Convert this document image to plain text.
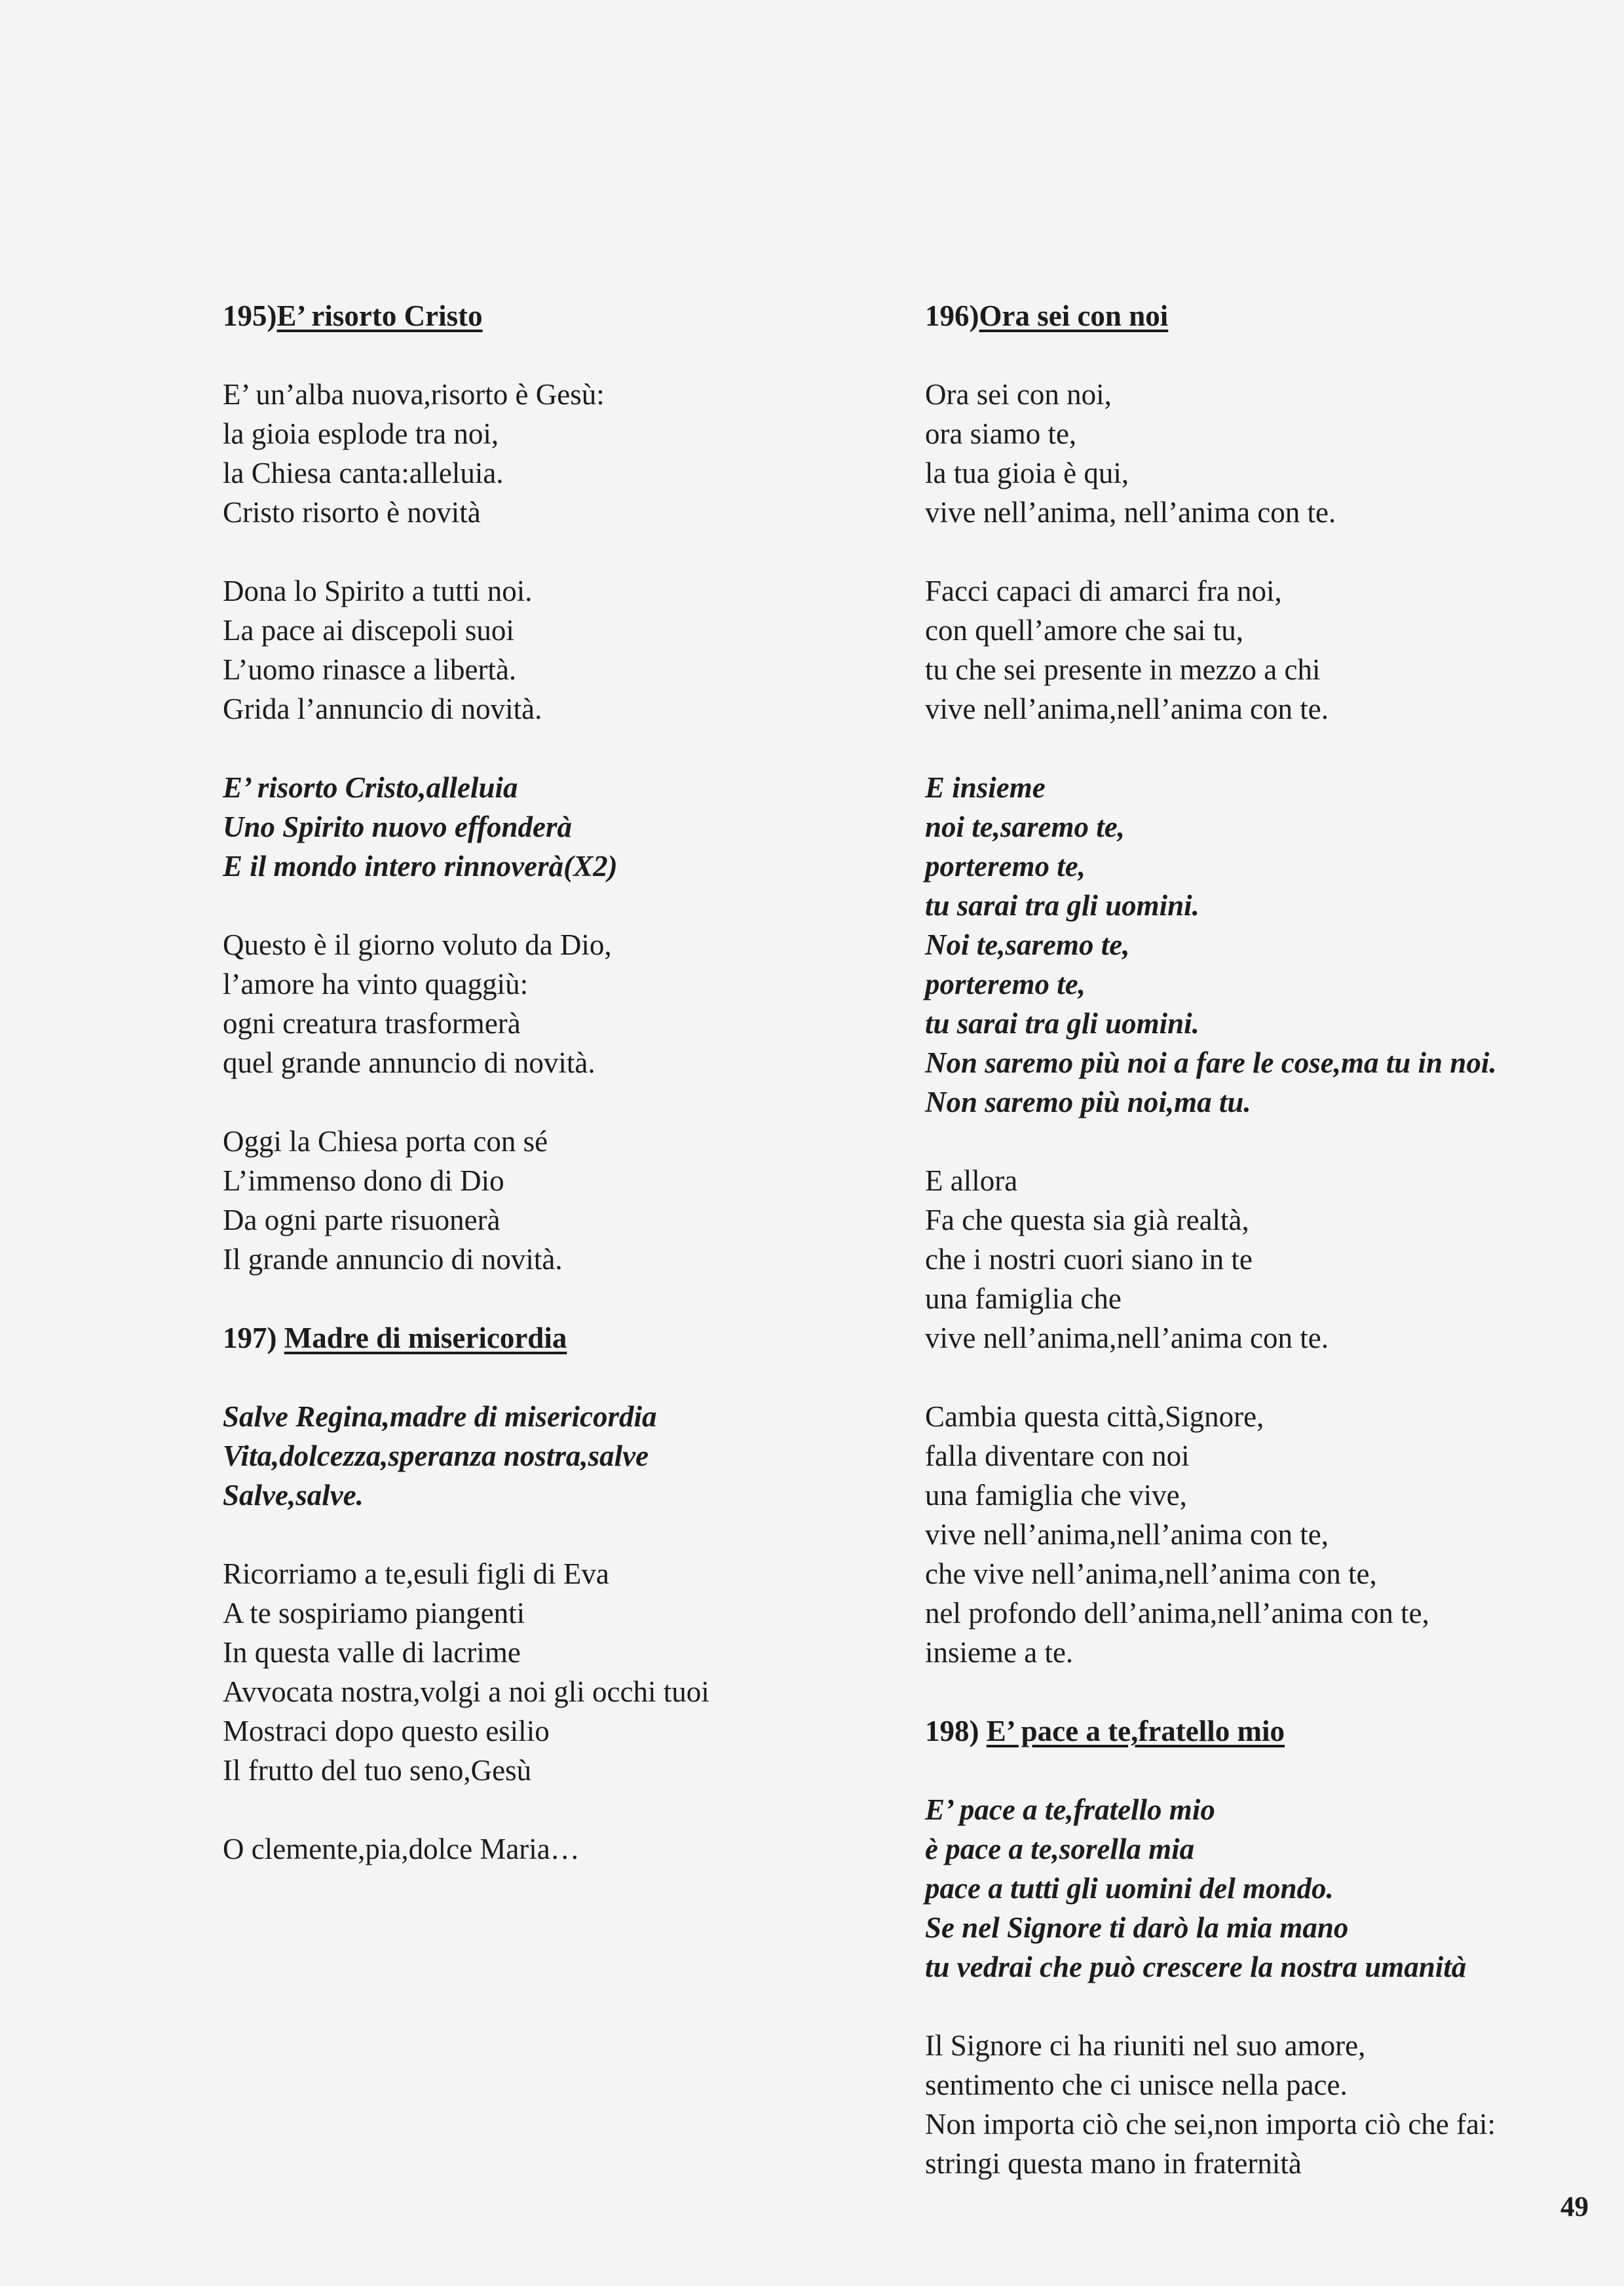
195)E’ risorto Cristo
E’ un’alba nuova,risorto è Gesù:
la gioia esplode tra noi,
la Chiesa canta:alleluia.
Cristo risorto è novità
Dona lo Spirito a tutti noi.
La pace ai discepoli suoi
L’uomo rinasce a libertà.
Grida l’annuncio di novità.
E’ risorto Cristo,alleluia
Uno Spirito nuovo effonderà
E il mondo intero rinnoverà(X2)
Questo è il giorno voluto da Dio,
l’amore ha vinto quaggiù:
ogni creatura trasformerà
quel grande annuncio di novità.
Oggi la Chiesa porta con sé
L’immenso dono di Dio
Da ogni parte risuonerà
Il grande annuncio di novità.
197) Madre di misericordia
Salve Regina,madre di misericordia
Vita,dolcezza,speranza nostra,salve
Salve,salve.
Ricorriamo a te,esuli figli di Eva
A te sospiriamo piangenti
In questa valle di lacrime
Avvocata nostra,volgi a noi gli occhi tuoi
Mostraci dopo questo esilio
Il frutto del tuo seno,Gesù
O clemente,pia,dolce Maria…
196)Ora sei con noi
Ora sei con noi,
ora siamo te,
la tua gioia è qui,
vive nell’anima, nell’anima con te.
Facci capaci di amarci fra noi,
con quell’amore che sai tu,
tu che sei presente in mezzo a chi
vive nell’anima,nell’anima con te.
E insieme
noi te,saremo te,
porteremo te,
tu sarai tra gli uomini.
Noi te,saremo te,
porteremo te,
tu sarai tra gli uomini.
Non saremo più noi a fare le cose,ma tu in noi.
Non saremo più noi,ma tu.
E allora
Fa che questa sia già realtà,
che i nostri cuori siano in te
una famiglia che
vive nell’anima,nell’anima con te.
Cambia questa città,Signore,
falla diventare con noi
una famiglia che vive,
vive nell’anima,nell’anima con te,
che vive nell’anima,nell’anima con te,
nel profondo dell’anima,nell’anima con te,
insieme a te.
198) E’ pace a te,fratello mio
E’ pace a te,fratello mio
è pace a te,sorella mia
pace a tutti gli uomini del mondo.
Se nel Signore ti darò la mia mano
tu vedrai che può crescere la nostra umanità
Il Signore ci ha riuniti nel suo amore,
sentimento che ci unisce nella pace.
Non importa ciò che sei,non importa ciò che fai:
stringi questa mano in fraternità
49
